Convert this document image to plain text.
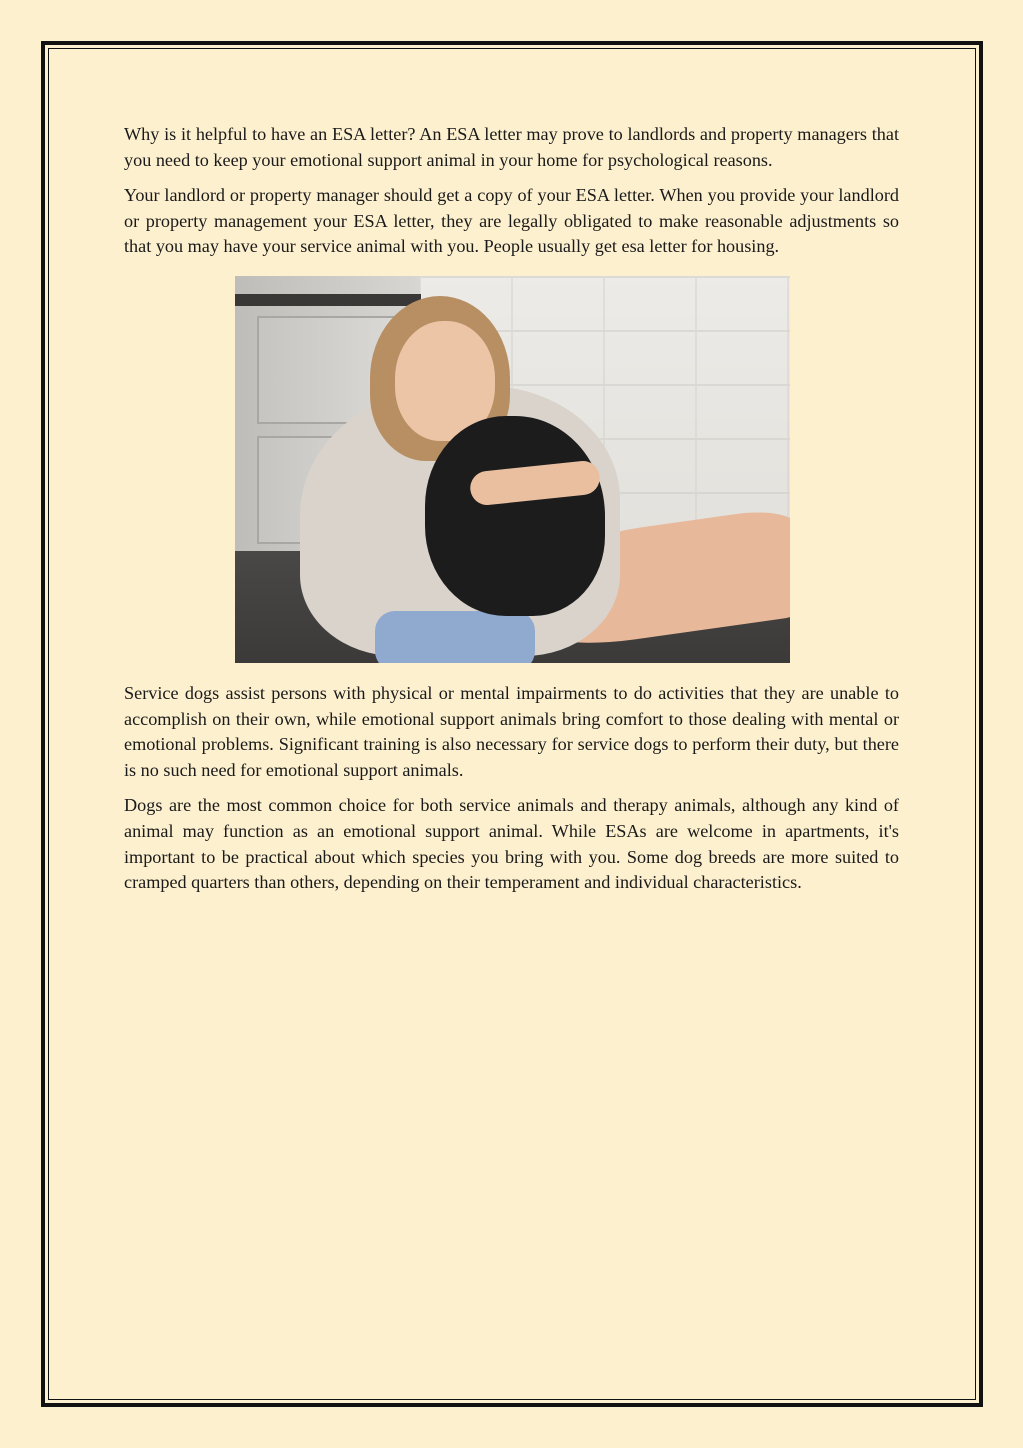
Why is it helpful to have an ESA letter? An ESA letter may prove to landlords and property managers that you need to keep your emotional support animal in your home for psychological reasons.

Your landlord or property manager should get a copy of your ESA letter. When you provide your landlord or property management your ESA letter, they are legally obligated to make reasonable adjustments so that you may have your service animal with you. People usually get esa letter for housing.

Service dogs assist persons with physical or mental impairments to do activities that they are unable to accomplish on their own, while emotional support animals bring comfort to those dealing with mental or emotional problems. Significant training is also necessary for service dogs to perform their duty, but there is no such need for emotional support animals.

Dogs are the most common choice for both service animals and therapy animals, although any kind of animal may function as an emotional support animal. While ESAs are welcome in apartments, it's important to be practical about which species you bring with you. Some dog breeds are more suited to cramped quarters than others, depending on their temperament and individual characteristics.
